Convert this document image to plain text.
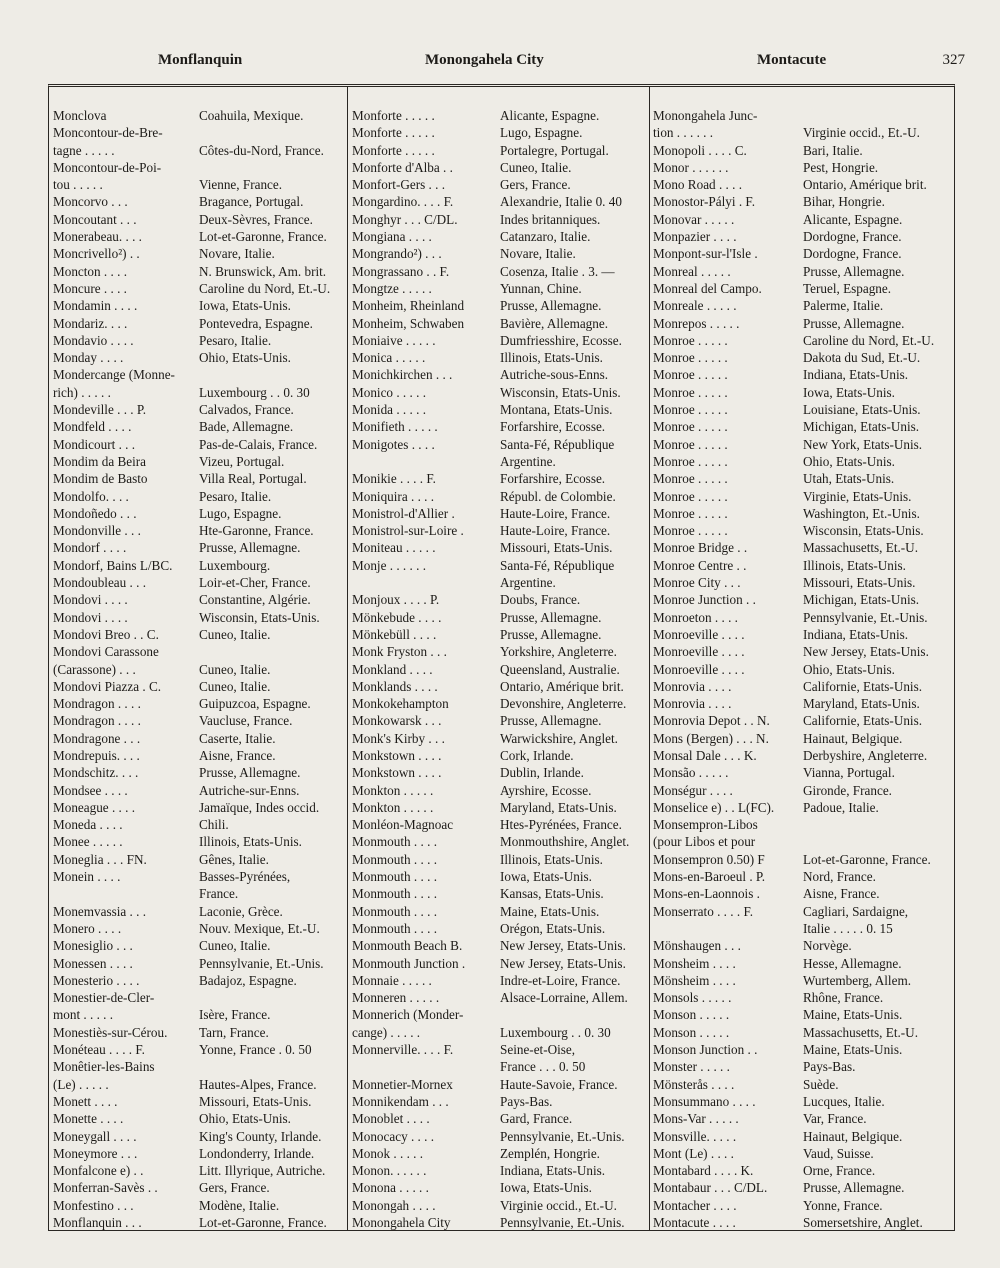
Monflanquin	Monongahela City	Montacute	327
Monclova	Coahuila, Mexique.
Moncontour-de-Bre-
tagne . . . . .	Côtes-du-Nord, France.
Moncontour-de-Poi-
tou . . . . .	Vienne, France.
Moncorvo . . .	Bragance, Portugal.
Moncoutant . . .	Deux-Sèvres, France.
Monerabeau. . . .	Lot-et-Garonne, France.
Moncrivello²) . .	Novare, Italie.
Moncton . . . .	N. Brunswick, Am. brit.
Moncure . . . .	Caroline du Nord, Et.-U.
Mondamin . . . .	Iowa, Etats-Unis.
Mondariz. . . .	Pontevedra, Espagne.
Mondavio . . . .	Pesaro, Italie.
Monday . . . .	Ohio, Etats-Unis.
Mondercange (Monne-
rich) . . . . .	Luxembourg . . 0. 30
Mondeville . . . P.	Calvados, France.
Mondfeld . . . .	Bade, Allemagne.
Mondicourt . . .	Pas-de-Calais, France.
Mondim da Beira	Vizeu, Portugal.
Mondim de Basto	Villa Real, Portugal.
Mondolfo. . . .	Pesaro, Italie.
Mondoñedo . . .	Lugo, Espagne.
Mondonville . . .	Hte-Garonne, France.
Mondorf . . . .	Prusse, Allemagne.
Mondorf, Bains L/BC.	Luxembourg.
Mondoubleau . . .	Loir-et-Cher, France.
Mondovi . . . .	Constantine, Algérie.
Mondovi . . . .	Wisconsin, Etats-Unis.
Mondovi Breo . . C.	Cuneo, Italie.
Mondovi Carassone
(Carassone) . . .	Cuneo, Italie.
Mondovi Piazza . C.	Cuneo, Italie.
Mondragon . . . .	Guipuzcoa, Espagne.
Mondragon . . . .	Vaucluse, France.
Mondragone . . .	Caserte, Italie.
Mondrepuis. . . .	Aisne, France.
Mondschitz. . . .	Prusse, Allemagne.
Mondsee . . . .	Autriche-sur-Enns.
Moneague . . . .	Jamaïque, Indes occid.
Moneda . . . .	Chili.
Monee . . . . .	Illinois, Etats-Unis.
Moneglia . . . FN.	Gênes, Italie.
Monein . . . .	Basses-Pyrénées,
France.
Monemvassia . . .	Laconie, Grèce.
Monero . . . .	Nouv. Mexique, Et.-U.
Monesiglio . . .	Cuneo, Italie.
Monessen . . . .	Pennsylvanie, Et.-Unis.
Monesterio . . . .	Badajoz, Espagne.
Monestier-de-Cler-
mont . . . . .	Isère, France.
Monestiès-sur-Cérou.	Tarn, France.
Monéteau . . . . F.	Yonne, France . 0. 50
Monêtier-les-Bains
(Le) . . . . .	Hautes-Alpes, France.
Monett . . . .	Missouri, Etats-Unis.
Monette . . . .	Ohio, Etats-Unis.
Moneygall . . . .	King's County, Irlande.
Moneymore . . .	Londonderry, Irlande.
Monfalcone e) . .	Litt. Illyrique, Autriche.
Monferran-Savès . .	Gers, France.
Monfestino . . .	Modène, Italie.
Monflanquin . . .	Lot-et-Garonne, France.
Monforte . . . . .	Alicante, Espagne.
Monforte . . . . .	Lugo, Espagne.
Monforte . . . . .	Portalegre, Portugal.
Monforte d'Alba . .	Cuneo, Italie.
Monfort-Gers . . .	Gers, France.
Mongardino. . . . F.	Alexandrie, Italie 0. 40
Monghyr . . . C/DL.	Indes britanniques.
Mongiana . . . .	Catanzaro, Italie.
Mongrando²) . . .	Novare, Italie.
Mongrassano . . F.	Cosenza, Italie . 3. —
Mongtze . . . . .	Yunnan, Chine.
Monheim, Rheinland	Prusse, Allemagne.
Monheim, Schwaben	Bavière, Allemagne.
Moniaive . . . . .	Dumfriesshire, Ecosse.
Monica . . . . .	Illinois, Etats-Unis.
Monichkirchen . . .	Autriche-sous-Enns.
Monico . . . . .	Wisconsin, Etats-Unis.
Monida . . . . .	Montana, Etats-Unis.
Monifieth . . . . .	Forfarshire, Ecosse.
Monigotes . . . .	Santa-Fé, République
Argentine.
Monikie . . . . F.	Forfarshire, Ecosse.
Moniquira . . . .	Républ. de Colombie.
Monistrol-d'Allier .	Haute-Loire, France.
Monistrol-sur-Loire .	Haute-Loire, France.
Moniteau . . . . .	Missouri, Etats-Unis.
Monje . . . . . .	Santa-Fé, République
Argentine.
Monjoux . . . . P.	Doubs, France.
Mönkebude . . . .	Prusse, Allemagne.
Mönkebüll . . . .	Prusse, Allemagne.
Monk Fryston . . .	Yorkshire, Angleterre.
Monkland . . . .	Queensland, Australie.
Monklands . . . .	Ontario, Amérique brit.
Monkokehampton	Devonshire, Angleterre.
Monkowarsk . . .	Prusse, Allemagne.
Monk's Kirby . . .	Warwickshire, Anglet.
Monkstown . . . .	Cork, Irlande.
Monkstown . . . .	Dublin, Irlande.
Monkton . . . . .	Ayrshire, Ecosse.
Monkton . . . . .	Maryland, Etats-Unis.
Monléon-Magnoac	Htes-Pyrénées, France.
Monmouth . . . .	Monmouthshire, Anglet.
Monmouth . . . .	Illinois, Etats-Unis.
Monmouth . . . .	Iowa, Etats-Unis.
Monmouth . . . .	Kansas, Etats-Unis.
Monmouth . . . .	Maine, Etats-Unis.
Monmouth . . . .	Orégon, Etats-Unis.
Monmouth Beach B.	New Jersey, Etats-Unis.
Monmouth Junction .	New Jersey, Etats-Unis.
Monnaie . . . . .	Indre-et-Loire, France.
Monneren . . . . .	Alsace-Lorraine, Allem.
Monnerich (Monder-
cange) . . . . .	Luxembourg . . 0. 30
Monnerville. . . . F.	Seine-et-Oise,
France . . . 0. 50
Monnetier-Mornex	Haute-Savoie, France.
Monnikendam . . .	Pays-Bas.
Monoblet . . . .	Gard, France.
Monocacy . . . .	Pennsylvanie, Et.-Unis.
Monok . . . . .	Zemplén, Hongrie.
Monon. . . . . .	Indiana, Etats-Unis.
Monona . . . . .	Iowa, Etats-Unis.
Monongah . . . .	Virginie occid., Et.-U.
Monongahela City	Pennsylvanie, Et.-Unis.
Monongahela Junc-
tion . . . . . .	Virginie occid., Et.-U.
Monopoli . . . . C.	Bari, Italie.
Monor . . . . . .	Pest, Hongrie.
Mono Road . . . .	Ontario, Amérique brit.
Monostor-Pályi . F.	Bihar, Hongrie.
Monovar . . . . .	Alicante, Espagne.
Monpazier . . . .	Dordogne, France.
Monpont-sur-l'Isle .	Dordogne, France.
Monreal . . . . .	Prusse, Allemagne.
Monreal del Campo.	Teruel, Espagne.
Monreale . . . . .	Palerme, Italie.
Monrepos . . . . .	Prusse, Allemagne.
Monroe . . . . .	Caroline du Nord, Et.-U.
Monroe . . . . .	Dakota du Sud, Et.-U.
Monroe . . . . .	Indiana, Etats-Unis.
Monroe . . . . .	Iowa, Etats-Unis.
Monroe . . . . .	Louisiane, Etats-Unis.
Monroe . . . . .	Michigan, Etats-Unis.
Monroe . . . . .	New York, Etats-Unis.
Monroe . . . . .	Ohio, Etats-Unis.
Monroe . . . . .	Utah, Etats-Unis.
Monroe . . . . .	Virginie, Etats-Unis.
Monroe . . . . .	Washington, Et.-Unis.
Monroe . . . . .	Wisconsin, Etats-Unis.
Monroe Bridge . .	Massachusetts, Et.-U.
Monroe Centre . .	Illinois, Etats-Unis.
Monroe City . . .	Missouri, Etats-Unis.
Monroe Junction . .	Michigan, Etats-Unis.
Monroeton . . . .	Pennsylvanie, Et.-Unis.
Monroeville . . . .	Indiana, Etats-Unis.
Monroeville . . . .	New Jersey, Etats-Unis.
Monroeville . . . .	Ohio, Etats-Unis.
Monrovia . . . .	Californie, Etats-Unis.
Monrovia . . . .	Maryland, Etats-Unis.
Monrovia Depot . . N.	Californie, Etats-Unis.
Mons (Bergen) . . . N.	Hainaut, Belgique.
Monsal Dale . . . K.	Derbyshire, Angleterre.
Monsão . . . . .	Vianna, Portugal.
Monségur . . . .	Gironde, France.
Monselice e) . . L(FC).	Padoue, Italie.
Monsempron-Libos
(pour Libos et pour
Monsempron 0.50) F	Lot-et-Garonne, France.
Mons-en-Baroeul . P.	Nord, France.
Mons-en-Laonnois .	Aisne, France.
Monserrato . . . . F.	Cagliari, Sardaigne,
Italie . . . . . 0. 15
Mönshaugen . . .	Norvège.
Monsheim . . . .	Hesse, Allemagne.
Mönsheim . . . .	Wurtemberg, Allem.
Monsols . . . . .	Rhône, France.
Monson . . . . .	Maine, Etats-Unis.
Monson . . . . .	Massachusetts, Et.-U.
Monson Junction . .	Maine, Etats-Unis.
Monster . . . . .	Pays-Bas.
Mönsterås . . . .	Suède.
Monsummano . . . .	Lucques, Italie.
Mons-Var . . . . .	Var, France.
Monsville. . . . .	Hainaut, Belgique.
Mont (Le) . . . .	Vaud, Suisse.
Montabard . . . . K.	Orne, France.
Montabaur . . . C/DL.	Prusse, Allemagne.
Montacher . . . .	Yonne, France.
Montacute . . . .	Somersetshire, Anglet.
